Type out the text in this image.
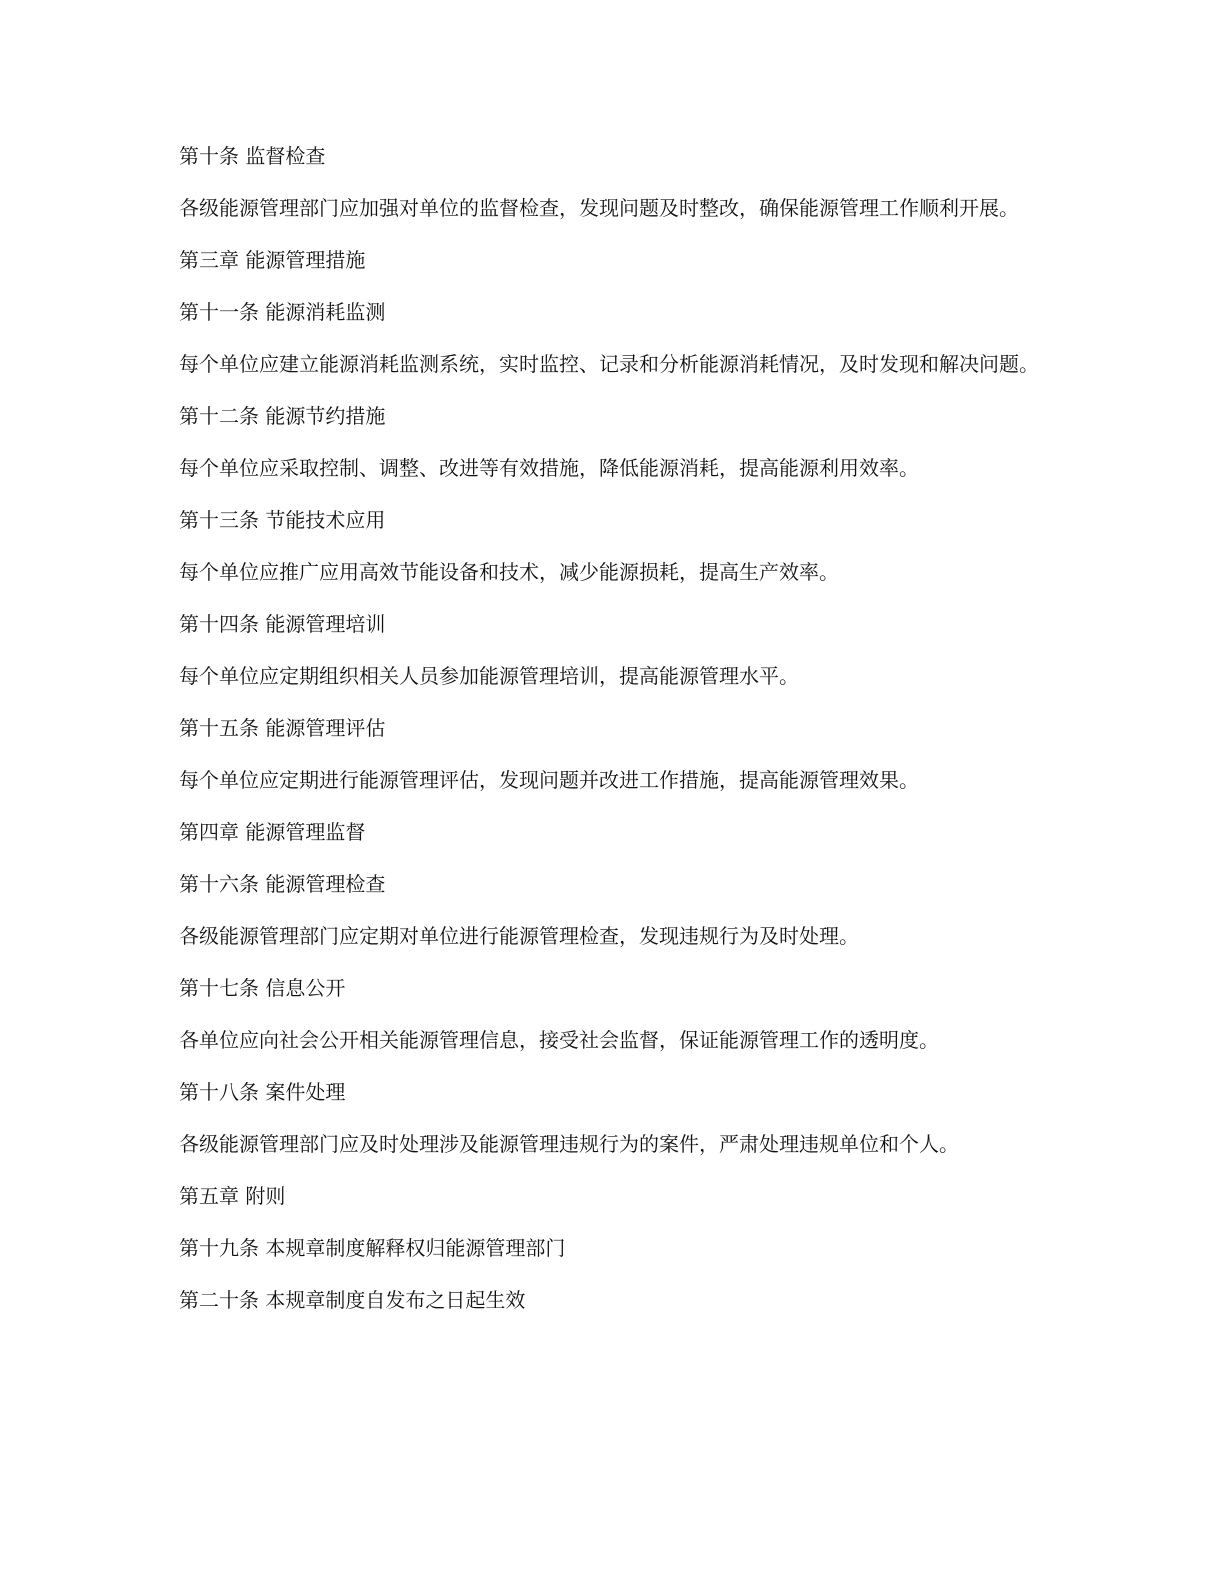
第十条 监督检查

各级能源管理部门应加强对单位的监督检查，发现问题及时整改，确保能源管理工作顺利开展。

第三章 能源管理措施

第十一条 能源消耗监测

每个单位应建立能源消耗监测系统，实时监控、记录和分析能源消耗情况，及时发现和解决问题。

第十二条 能源节约措施

每个单位应采取控制、调整、改进等有效措施，降低能源消耗，提高能源利用效率。

第十三条 节能技术应用

每个单位应推广应用高效节能设备和技术，减少能源损耗，提高生产效率。

第十四条 能源管理培训

每个单位应定期组织相关人员参加能源管理培训，提高能源管理水平。

第十五条 能源管理评估

每个单位应定期进行能源管理评估，发现问题并改进工作措施，提高能源管理效果。

第四章 能源管理监督

第十六条 能源管理检查

各级能源管理部门应定期对单位进行能源管理检查，发现违规行为及时处理。

第十七条 信息公开

各单位应向社会公开相关能源管理信息，接受社会监督，保证能源管理工作的透明度。

第十八条 案件处理

各级能源管理部门应及时处理涉及能源管理违规行为的案件，严肃处理违规单位和个人。

第五章 附则

第十九条 本规章制度解释权归能源管理部门

第二十条 本规章制度自发布之日起生效
